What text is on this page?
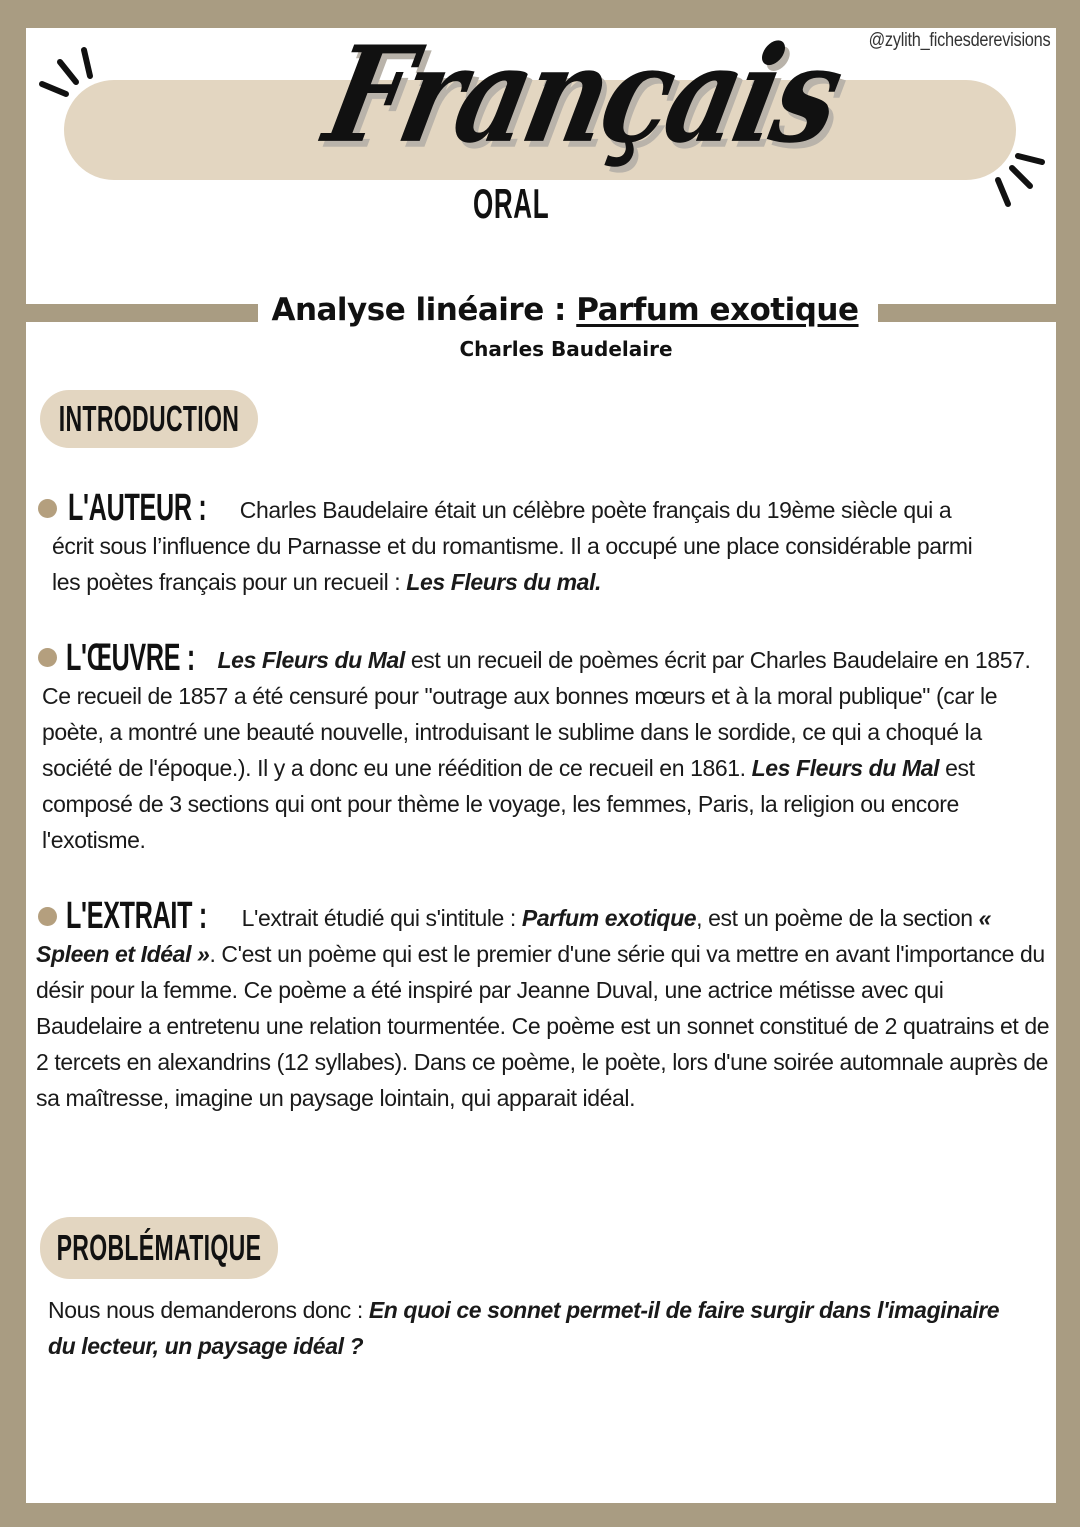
@zylith_fichesderevisions
Français
ORAL
Analyse linéaire : Parfum exotique
Charles Baudelaire
INTRODUCTION
L'AUTEUR : Charles Baudelaire était un célèbre poète français du 19ème siècle qui a écrit sous l’influence du Parnasse et du romantisme. Il a occupé une place considérable parmi les poètes français pour un recueil : Les Fleurs du mal.
L'ŒUVRE : Les Fleurs du Mal est un recueil de poèmes écrit par Charles Baudelaire en 1857. Ce recueil de 1857 a été censuré pour "outrage aux bonnes mœurs et à la moral publique" (car le poète, a montré une beauté nouvelle, introduisant le sublime dans le sordide, ce qui a choqué la société de l'époque.). Il y a donc eu une réédition de ce recueil en 1861. Les Fleurs du Mal est composé de 3 sections qui ont pour thème le voyage, les femmes, Paris, la religion ou encore l'exotisme.
L'EXTRAIT : L'extrait étudié qui s'intitule : Parfum exotique, est un poème de la section « Spleen et Idéal ». C'est un poème qui est le premier d'une série qui va mettre en avant l'importance du désir pour la femme. Ce poème a été inspiré par Jeanne Duval, une actrice métisse avec qui Baudelaire a entretenu une relation tourmentée. Ce poème est un sonnet constitué de 2 quatrains et de 2 tercets en alexandrins (12 syllabes). Dans ce poème, le poète, lors d'une soirée automnale auprès de sa maîtresse, imagine un paysage lointain, qui apparait idéal.
PROBLÉMATIQUE
Nous nous demanderons donc : En quoi ce sonnet permet-il de faire surgir dans l'imaginaire du lecteur, un paysage idéal ?
